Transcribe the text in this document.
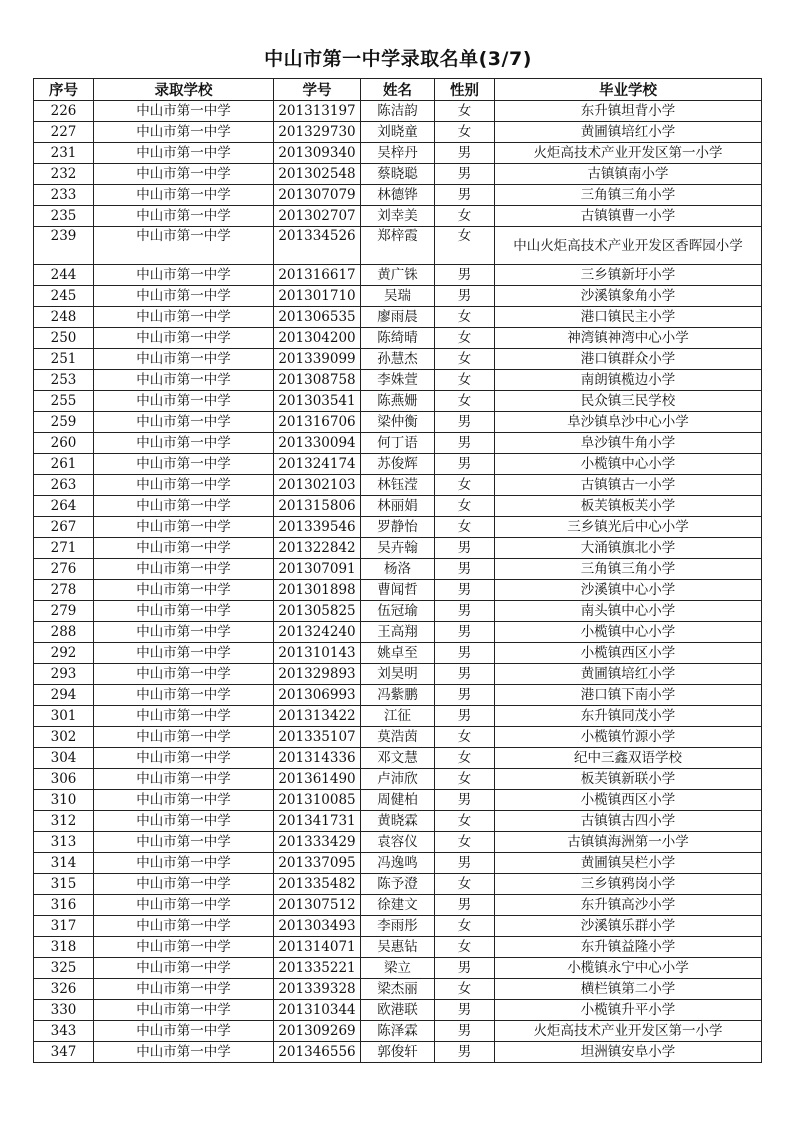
中山市第一中学录取名单(3/7)
序号	录取学校	学号	姓名	性别	毕业学校
226	中山市第一中学	201313197	陈洁韵	女	东升镇坦背小学
227	中山市第一中学	201329730	刘晓童	女	黄圃镇培红小学
231	中山市第一中学	201309340	吴梓丹	男	火炬高技术产业开发区第一小学
232	中山市第一中学	201302548	蔡晓聪	男	古镇镇南小学
233	中山市第一中学	201307079	林德铧	男	三角镇三角小学
235	中山市第一中学	201302707	刘幸美	女	古镇镇曹一小学
239	中山市第一中学	201334526	郑梓霞	女	中山火炬高技术产业开发区香晖园小学
244	中山市第一中学	201316617	黄广铢	男	三乡镇新圩小学
245	中山市第一中学	201301710	吴瑞	男	沙溪镇象角小学
248	中山市第一中学	201306535	廖雨晨	女	港口镇民主小学
250	中山市第一中学	201304200	陈绮晴	女	神湾镇神湾中心小学
251	中山市第一中学	201339099	孙慧杰	女	港口镇群众小学
253	中山市第一中学	201308758	李姝萱	女	南朗镇榄边小学
255	中山市第一中学	201303541	陈燕姗	女	民众镇三民学校
259	中山市第一中学	201316706	梁仲衡	男	阜沙镇阜沙中心小学
260	中山市第一中学	201330094	何丁语	男	阜沙镇牛角小学
261	中山市第一中学	201324174	苏俊辉	男	小榄镇中心小学
263	中山市第一中学	201302103	林钰滢	女	古镇镇古一小学
264	中山市第一中学	201315806	林丽娟	女	板芙镇板芙小学
267	中山市第一中学	201339546	罗静怡	女	三乡镇光后中心小学
271	中山市第一中学	201322842	吴卉翰	男	大涌镇旗北小学
276	中山市第一中学	201307091	杨洛	男	三角镇三角小学
278	中山市第一中学	201301898	曹闻哲	男	沙溪镇中心小学
279	中山市第一中学	201305825	伍冠瑜	男	南头镇中心小学
288	中山市第一中学	201324240	王高翔	男	小榄镇中心小学
292	中山市第一中学	201310143	姚卓至	男	小榄镇西区小学
293	中山市第一中学	201329893	刘昊明	男	黄圃镇培红小学
294	中山市第一中学	201306993	冯紫鹏	男	港口镇下南小学
301	中山市第一中学	201313422	江征	男	东升镇同茂小学
302	中山市第一中学	201335107	莫浩茵	女	小榄镇竹源小学
304	中山市第一中学	201314336	邓文慧	女	纪中三鑫双语学校
306	中山市第一中学	201361490	卢沛欣	女	板芙镇新联小学
310	中山市第一中学	201310085	周健柏	男	小榄镇西区小学
312	中山市第一中学	201341731	黄晓霖	女	古镇镇古四小学
313	中山市第一中学	201333429	袁容仪	女	古镇镇海洲第一小学
314	中山市第一中学	201337095	冯逸鸣	男	黄圃镇吴栏小学
315	中山市第一中学	201335482	陈予澄	女	三乡镇鸦岗小学
316	中山市第一中学	201307512	徐建文	男	东升镇高沙小学
317	中山市第一中学	201303493	李雨彤	女	沙溪镇乐群小学
318	中山市第一中学	201314071	吴惠钻	女	东升镇益隆小学
325	中山市第一中学	201335221	梁立	男	小榄镇永宁中心小学
326	中山市第一中学	201339328	梁杰丽	女	横栏镇第二小学
330	中山市第一中学	201310344	欧港联	男	小榄镇升平小学
343	中山市第一中学	201309269	陈泽霖	男	火炬高技术产业开发区第一小学
347	中山市第一中学	201346556	郭俊轩	男	坦洲镇安阜小学
